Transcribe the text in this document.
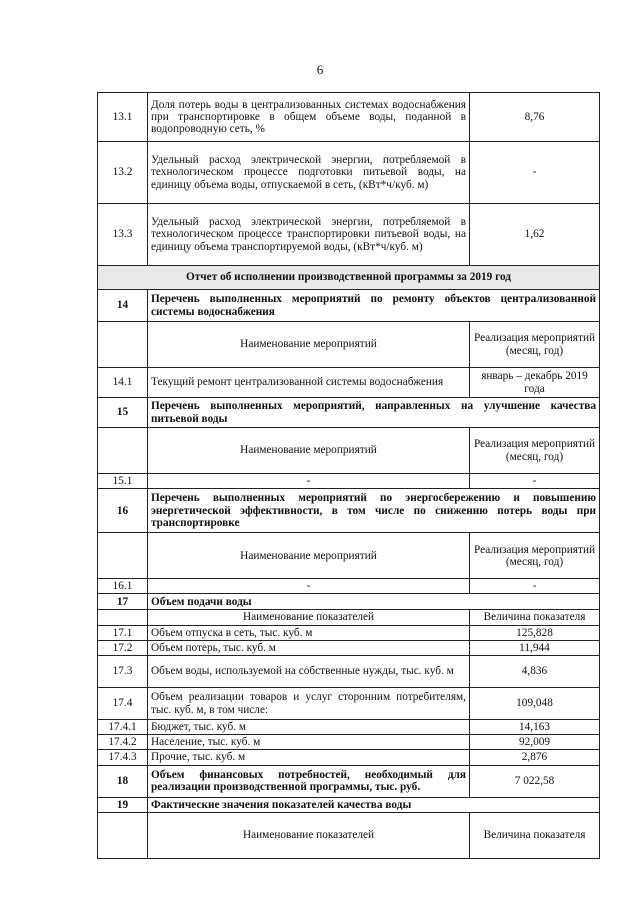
6
13.1	Доля потерь воды в централизованных системах водоснабжения при транспортировке в общем объеме воды, поданной в водопроводную сеть, %	8,76
13.2	Удельный расход электрической энергии, потребляемой в технологическом процессе подготовки питьевой воды, на единицу объема воды, отпускаемой в сеть, (кВт*ч/куб. м)	-
13.3	Удельный расход электрической энергии, потребляемой в технологическом процессе транспортировки питьевой воды, на единицу объема транспортируемой воды, (кВт*ч/куб. м)	1,62
Отчет об исполнении производственной программы за 2019 год		
14	Перечень выполненных мероприятий по ремонту объектов централизованной системы водоснабжения	
	Наименование мероприятий	Реализация мероприятий (месяц, год)
14.1	Текущий ремонт централизованной системы водоснабжения	январь – декабрь 2019 года
15	Перечень выполненных мероприятий, направленных на улучшение качества питьевой воды	
	Наименование мероприятий	Реализация мероприятий (месяц, год)
15.1	-	-
16	Перечень выполненных мероприятий по энергосбережению и повышению энергетической эффективности, в том числе по снижению потерь воды при транспортировке	
	Наименование мероприятий	Реализация мероприятий (месяц, год)
16.1	-	-
17	Объем подачи воды	
	Наименование показателей	Величина показателя
17.1	Объем отпуска в сеть, тыс. куб. м	125,828
17.2	Объем потерь, тыс. куб. м	11,944
17.3	Объем воды, используемой на собственные нужды, тыс. куб. м	4,836
17.4	Объем реализации товаров и услуг сторонним потребителям, тыс. куб. м, в том числе:	109,048
17.4.1	Бюджет, тыс. куб. м	14,163
17.4.2	Население, тыс. куб. м	92,009
17.4.3	Прочие, тыс. куб. м	2,876
18	Объем финансовых потребностей, необходимый для реализации производственной программы, тыс. руб.	7 022,58
19	Фактические значения показателей качества воды	
	Наименование показателей	Величина показателя
